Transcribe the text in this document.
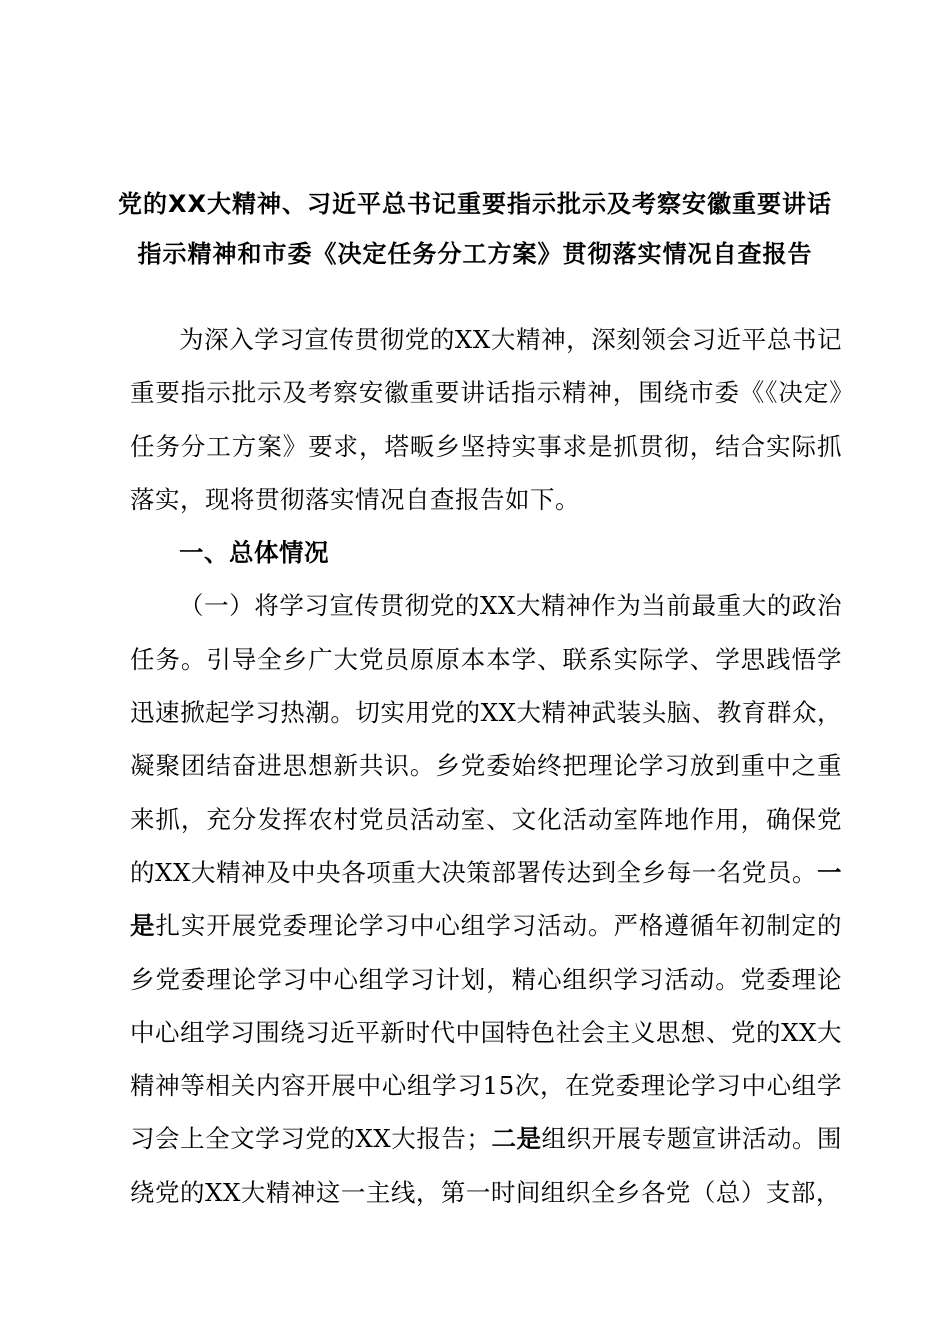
党的XX大精神、习近平总书记重要指示批示及考察安徽重要讲话
指示精神和市委《决定任务分工方案》贯彻落实情况自查报告

为深入学习宣传贯彻党的XX大精神，深刻领会习近平总书记重要指示批示及考察安徽重要讲话指示精神，围绕市委《《决定》任务分工方案》要求，塔畈乡坚持实事求是抓贯彻，结合实际抓落实，现将贯彻落实情况自查报告如下。

一、总体情况

（一）将学习宣传贯彻党的XX大精神作为当前最重大的政治任务。引导全乡广大党员原原本本学、联系实际学、学思践悟学迅速掀起学习热潮。切实用党的XX大精神武装头脑、教育群众，凝聚团结奋进思想新共识。乡党委始终把理论学习放到重中之重来抓，充分发挥农村党员活动室、文化活动室阵地作用，确保党的XX大精神及中央各项重大决策部署传达到全乡每一名党员。一是扎实开展党委理论学习中心组学习活动。严格遵循年初制定的乡党委理论学习中心组学习计划，精心组织学习活动。党委理论中心组学习围绕习近平新时代中国特色社会主义思想、党的XX大精神等相关内容开展中心组学习15次，在党委理论学习中心组学习会上全文学习党的XX大报告；二是组织开展专题宣讲活动。围绕党的XX大精神这一主线，第一时间组织全乡各党（总）支部，
